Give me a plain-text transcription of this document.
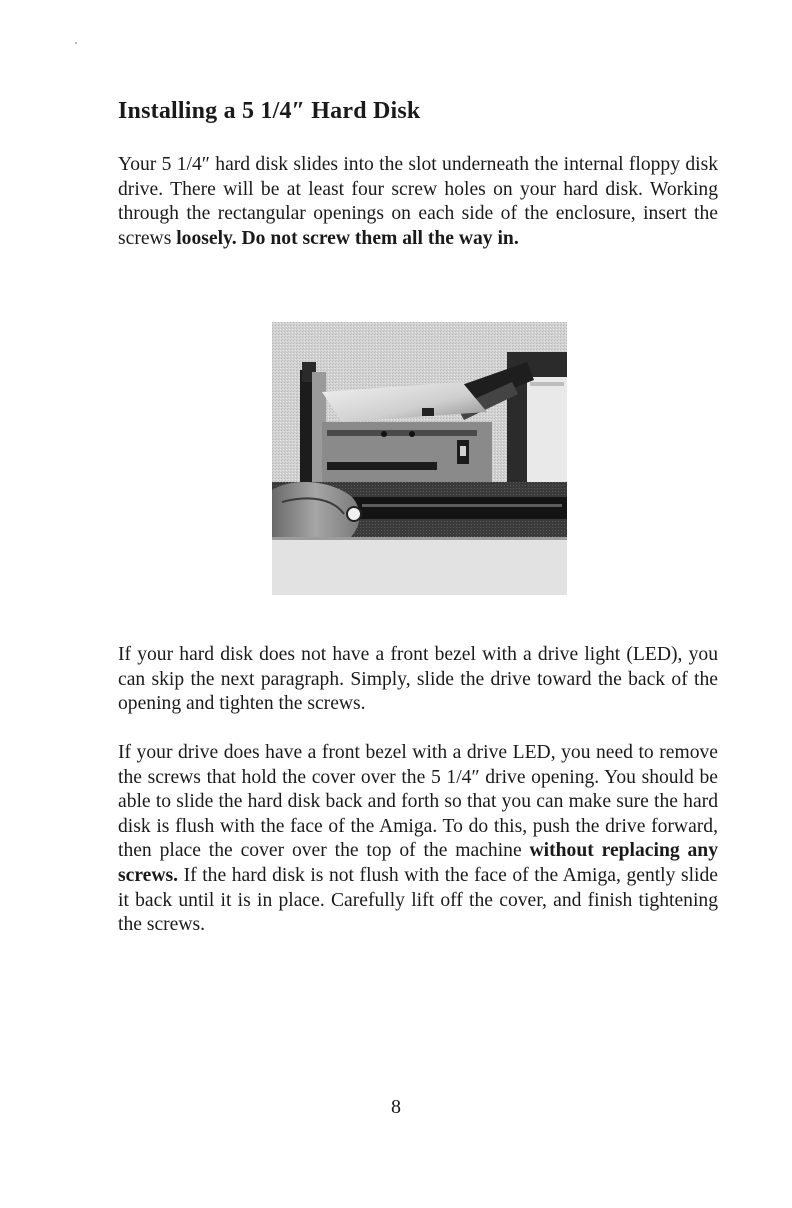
Installing a 5 1/4″ Hard Disk

Your 5 1/4″ hard disk slides into the slot underneath the internal floppy disk drive. There will be at least four screw holes on your hard disk. Working through the rectangular openings on each side of the enclosure, insert the screws loosely. Do not screw them all the way in.

If your hard disk does not have a front bezel with a drive light (LED), you can skip the next paragraph. Simply, slide the drive toward the back of the opening and tighten the screws.

If your drive does have a front bezel with a drive LED, you need to remove the screws that hold the cover over the 5 1/4″ drive opening. You should be able to slide the hard disk back and forth so that you can make sure the hard disk is flush with the face of the Amiga. To do this, push the drive forward, then place the cover over the top of the machine without replacing any screws. If the hard disk is not flush with the face of the Amiga, gently slide it back until it is in place. Carefully lift off the cover, and finish tightening the screws.

8
